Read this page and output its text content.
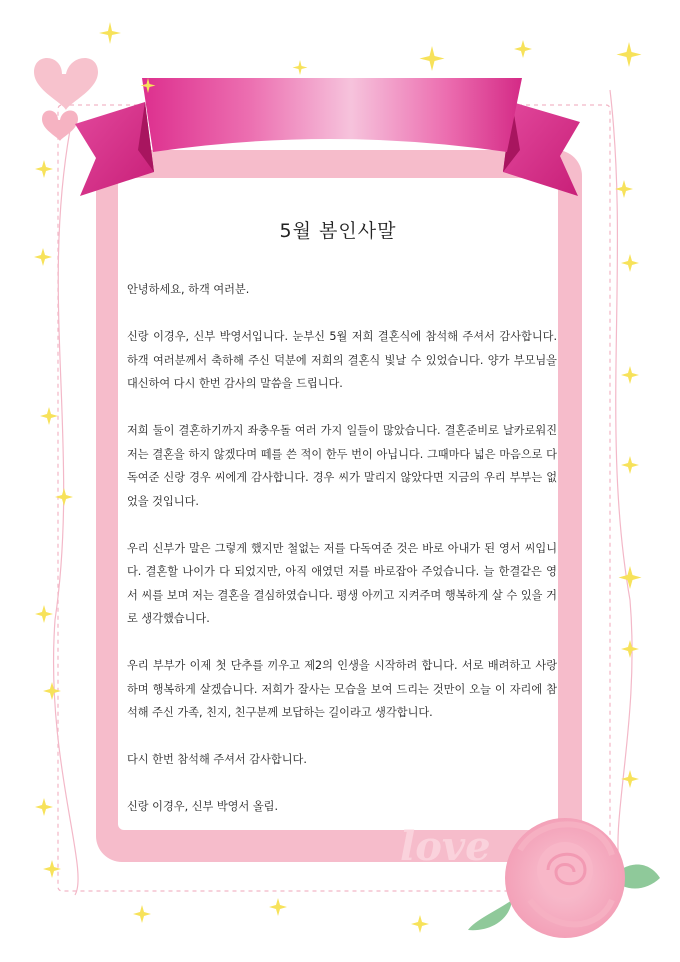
love
5월 봄인사말

안녕하세요, 하객 여러분.

신랑 이경우, 신부 박영서입니다. 눈부신 5월 저희 결혼식에 참석해 주셔서 감사합니다. 하객 여러분께서 축하해 주신 덕분에 저희의 결혼식 빛날 수 있었습니다. 양가 부모님을 대신하여 다시 한번 감사의 말씀을 드립니다.

저희 둘이 결혼하기까지 좌충우돌 여러 가지 일들이 많았습니다. 결혼준비로 날카로워진 저는 결혼을 하지 않겠다며 떼를 쓴 적이 한두 번이 아닙니다. 그때마다 넓은 마음으로 다독여준 신랑 경우 씨에게 감사합니다. 경우 씨가 말리지 않았다면 지금의 우리 부부는 없었을 것입니다.

우리 신부가 말은 그렇게 했지만 철없는 저를 다독여준 것은 바로 아내가 된 영서 씨입니다. 결혼할 나이가 다 되었지만, 아직 애였던 저를 바로잡아 주었습니다. 늘 한결같은 영서 씨를 보며 저는 결혼을 결심하였습니다. 평생 아끼고 지켜주며 행복하게 살 수 있을 거로 생각했습니다.

우리 부부가 이제 첫 단추를 끼우고 제2의 인생을 시작하려 합니다. 서로 배려하고 사랑하며 행복하게 살겠습니다. 저희가 잘사는 모습을 보여 드리는 것만이 오늘 이 자리에 참석해 주신 가족, 친지, 친구분께 보답하는 길이라고 생각합니다.

다시 한번 참석해 주셔서 감사합니다.

신랑 이경우, 신부 박영서 올림.
